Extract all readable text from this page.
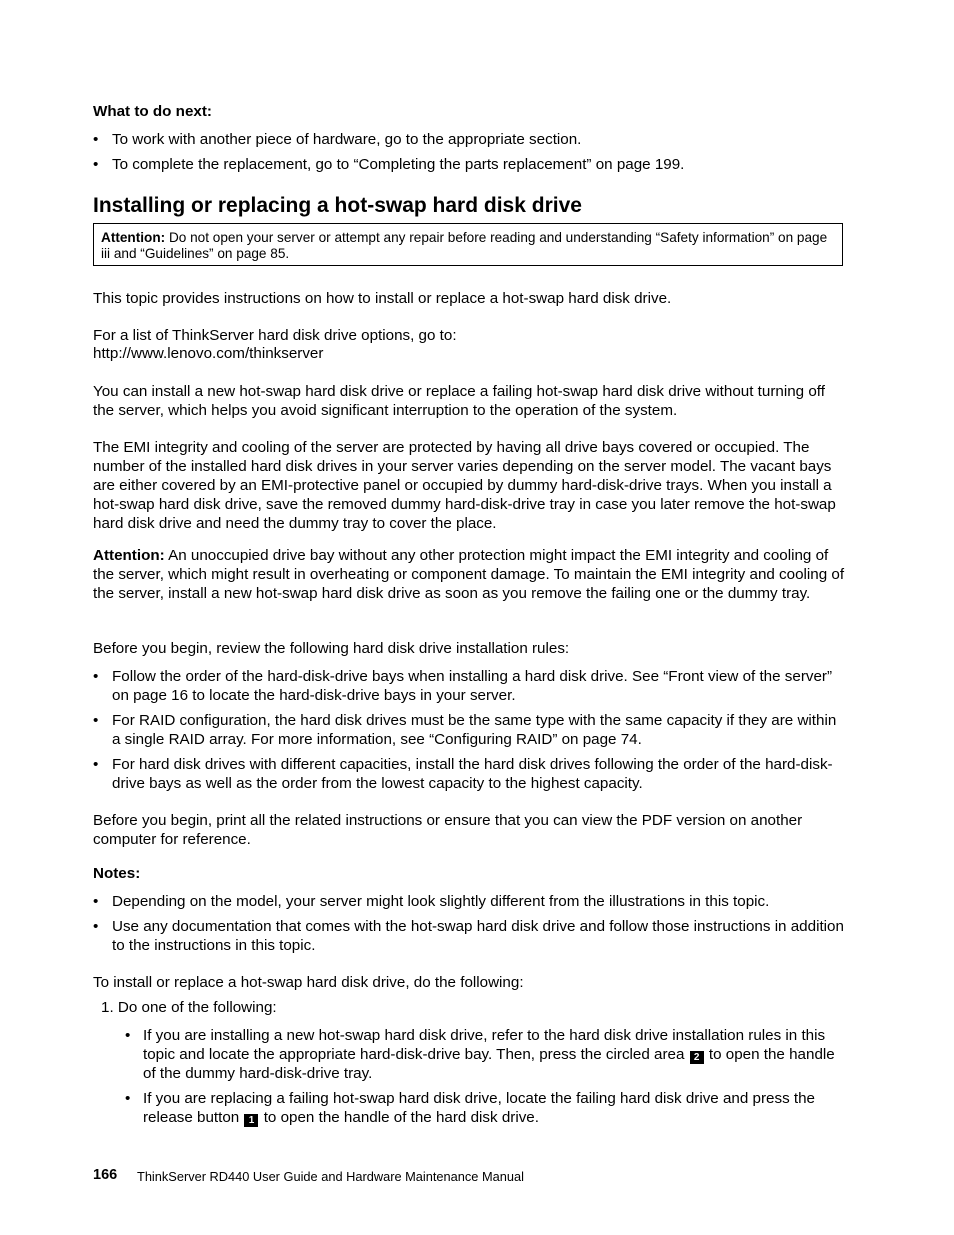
What to do next:

• To work with another piece of hardware, go to the appropriate section.

• To complete the replacement, go to “Completing the parts replacement” on page 199.

Installing or replacing a hot-swap hard disk drive

Attention: Do not open your server or attempt any repair before reading and understanding “Safety information” on page iii and “Guidelines” on page 85.

This topic provides instructions on how to install or replace a hot-swap hard disk drive.

For a list of ThinkServer hard disk drive options, go to:

http://www.lenovo.com/thinkserver

You can install a new hot-swap hard disk drive or replace a failing hot-swap hard disk drive without turning off the server, which helps you avoid significant interruption to the operation of the system.

The EMI integrity and cooling of the server are protected by having all drive bays covered or occupied. The number of the installed hard disk drives in your server varies depending on the server model. The vacant bays are either covered by an EMI-protective panel or occupied by dummy hard-disk-drive trays. When you install a hot-swap hard disk drive, save the removed dummy hard-disk-drive tray in case you later remove the hot-swap hard disk drive and need the dummy tray to cover the place.

Attention: An unoccupied drive bay without any other protection might impact the EMI integrity and cooling of the server, which might result in overheating or component damage. To maintain the EMI integrity and cooling of the server, install a new hot-swap hard disk drive as soon as you remove the failing one or the dummy tray.

Before you begin, review the following hard disk drive installation rules:

• Follow the order of the hard-disk-drive bays when installing a hard disk drive. See “Front view of the server” on page 16 to locate the hard-disk-drive bays in your server.

• For RAID configuration, the hard disk drives must be the same type with the same capacity if they are within a single RAID array. For more information, see “Configuring RAID” on page 74.

• For hard disk drives with different capacities, install the hard disk drives following the order of the hard-disk-drive bays as well as the order from the lowest capacity to the highest capacity.

Before you begin, print all the related instructions or ensure that you can view the PDF version on another computer for reference.

Notes:

• Depending on the model, your server might look slightly different from the illustrations in this topic.

• Use any documentation that comes with the hot-swap hard disk drive and follow those instructions in addition to the instructions in this topic.

To install or replace a hot-swap hard disk drive, do the following:

1. Do one of the following:

• If you are installing a new hot-swap hard disk drive, refer to the hard disk drive installation rules in this topic and locate the appropriate hard-disk-drive bay. Then, press the circled area 2 to open the handle of the dummy hard-disk-drive tray.

• If you are replacing a failing hot-swap hard disk drive, locate the failing hard disk drive and press the release button 1 to open the handle of the hard disk drive.

166 ThinkServer RD440 User Guide and Hardware Maintenance Manual
